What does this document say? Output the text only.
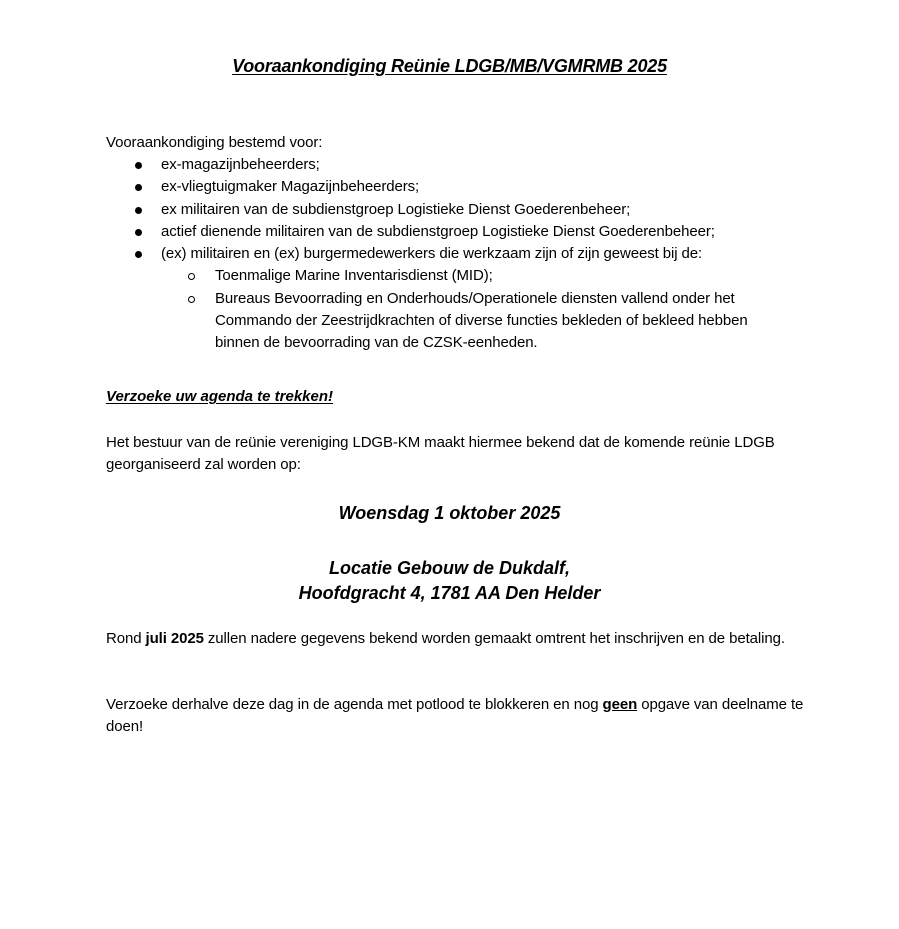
Vooraankondiging Reünie LDGB/MB/VGMRMB 2025
Vooraankondiging bestemd voor:
ex-magazijnbeheerders;
ex-vliegtuigmaker Magazijnbeheerders;
ex militairen van de subdienstgroep Logistieke Dienst Goederenbeheer;
actief dienende militairen van de subdienstgroep Logistieke Dienst Goederenbeheer;
(ex) militairen en (ex) burgermedewerkers die werkzaam zijn of zijn geweest bij de:
Toenmalige Marine Inventarisdienst (MID);
Bureaus Bevoorrading en Onderhouds/Operationele diensten vallend onder het Commando der Zeestrijdkrachten of diverse functies bekleden of bekleed hebben binnen de bevoorrading van de CZSK-eenheden.
Verzoeke uw agenda te trekken!
Het bestuur van de reünie vereniging LDGB-KM maakt hiermee bekend dat de komende reünie LDGB georganiseerd zal worden op:
Woensdag 1 oktober 2025
Locatie Gebouw de Dukdalf,
Hoofdgracht 4, 1781 AA Den Helder
Rond juli 2025 zullen nadere gegevens bekend worden gemaakt omtrent het inschrijven en de betaling.
Verzoeke derhalve deze dag in de agenda met potlood te blokkeren en nog geen opgave van deelname te doen!
